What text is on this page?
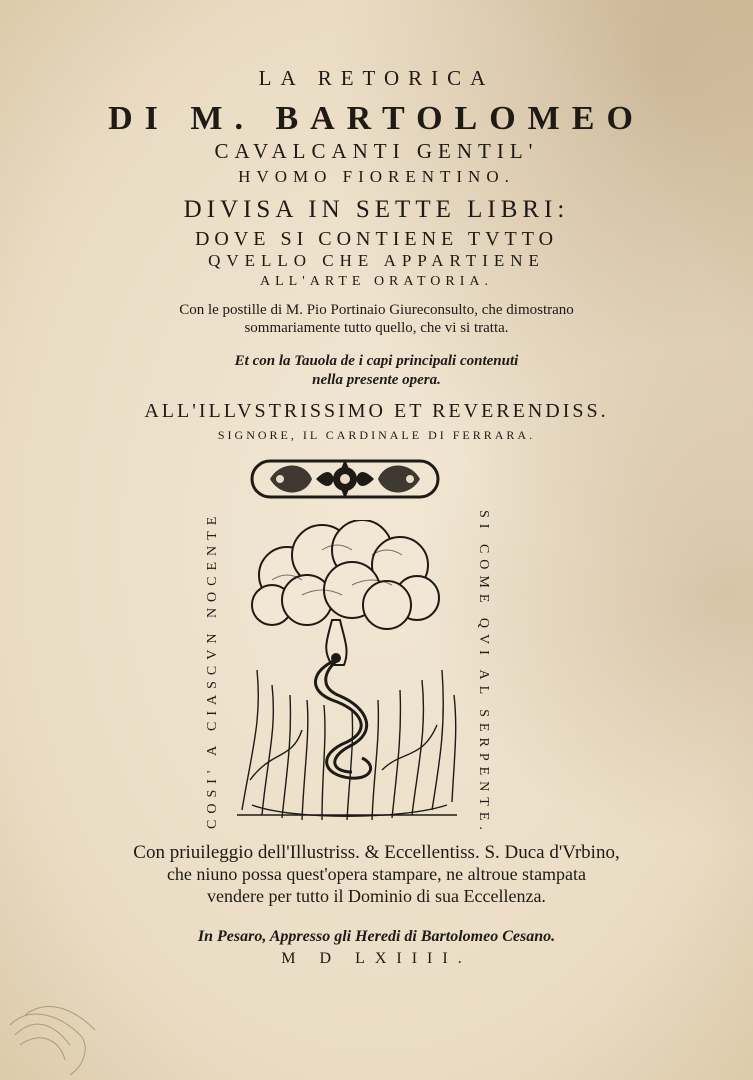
LA RETORICA
DI M. BARTOLOMEO
CAVALCANTI GENTIL'
HVOMO FIORENTINO.
DIVISA IN SETTE LIBRI:
DOVE SI CONTIENE TVTTO
QVELLO CHE APPARTIENE
ALL'ARTE ORATORIA.
Con le postille di M. Pio Portinaio Giureconsulto, che dimostrano
sommariamente tutto quello, che vi si tratta.
Et con la Tauola de i capi principali contenuti
nella presente opera.
ALL'ILLVSTRISSIMO ET REVERENDISS.
SIGNORE, IL CARDINALE DI FERRARA.
COSI' A CIASCVN NOCENTE	SI COME QVI AL SERPENTE.
Con priuileggio dell'Illustriss. & Eccellentiss. S. Duca d'Vrbino,
che niuno possa quest'opera stampare, ne altroue stampata
vendere per tutto il Dominio di sua Eccellenza.
In Pesaro, Appresso gli Heredi di Bartolomeo Cesano.
M D LXIIII.
